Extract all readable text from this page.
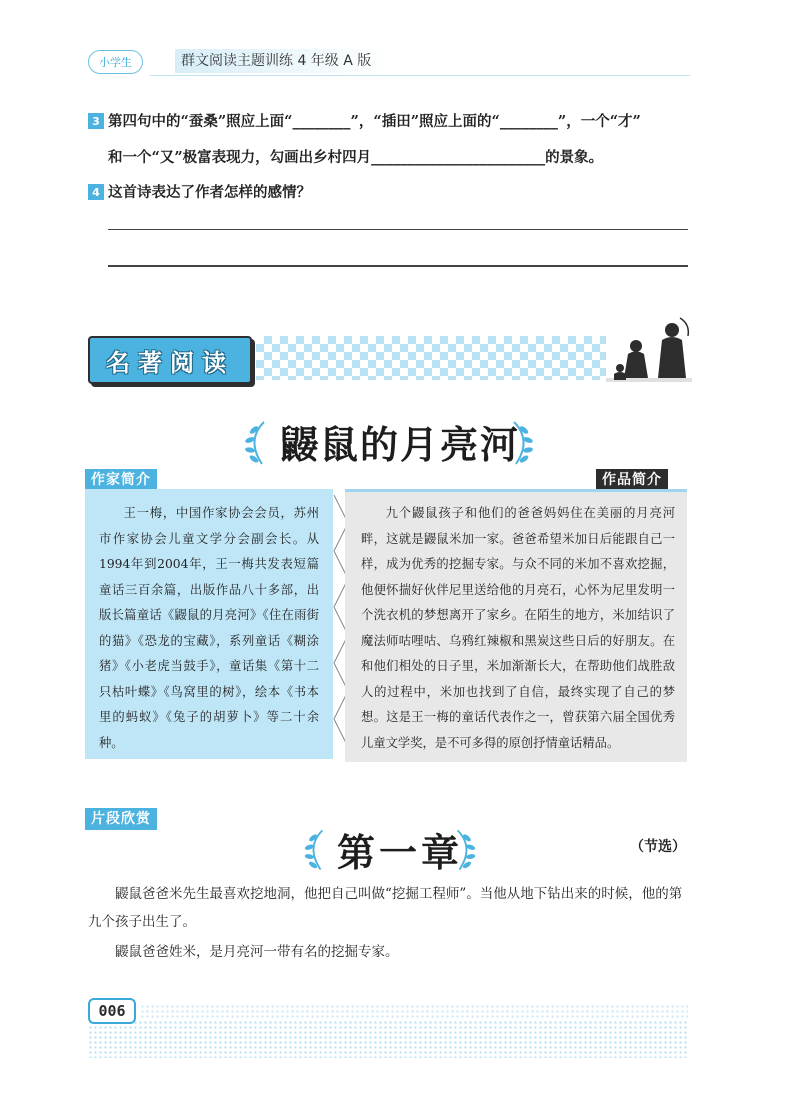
小学生	群文阅读主题训练 4 年级 A 版
3 第四句中的“蚕桑”照应上面“________”，“插田”照应上面的“________”，一个“才”
和一个“又”极富表现力，勾画出乡村四月________________________的景象。
4 这首诗表达了作者怎样的感情？
名著阅读
鼹鼠的月亮河
作家简介
王一梅，中国作家协会会员，苏州市作家协会儿童文学分会副会长。从1994年到2004年，王一梅共发表短篇童话三百余篇，出版作品八十多部，出版长篇童话《鼹鼠的月亮河》《住在雨街的猫》《恐龙的宝藏》，系列童话《糊涂猪》《小老虎当鼓手》，童话集《第十二只枯叶蝶》《鸟窝里的树》，绘本《书本里的蚂蚁》《兔子的胡萝卜》等二十余种。
作品简介
九个鼹鼠孩子和他们的爸爸妈妈住在美丽的月亮河畔，这就是鼹鼠米加一家。爸爸希望米加日后能跟自己一样，成为优秀的挖掘专家。与众不同的米加不喜欢挖掘，他便怀揣好伙伴尼里送给他的月亮石，心怀为尼里发明一个洗衣机的梦想离开了家乡。在陌生的地方，米加结识了魔法师咕哩咕、乌鸦红辣椒和黑炭这些日后的好朋友。在和他们相处的日子里，米加渐渐长大，在帮助他们战胜敌人的过程中，米加也找到了自信，最终实现了自己的梦想。这是王一梅的童话代表作之一，曾获第六届全国优秀儿童文学奖，是不可多得的原创抒情童话精品。
片段欣赏
第一章	（节选）

鼹鼠爸爸米先生最喜欢挖地洞，他把自己叫做“挖掘工程师”。当他从地下钻出来的时候，他的第九个孩子出生了。

鼹鼠爸爸姓米，是月亮河一带有名的挖掘专家。

006
